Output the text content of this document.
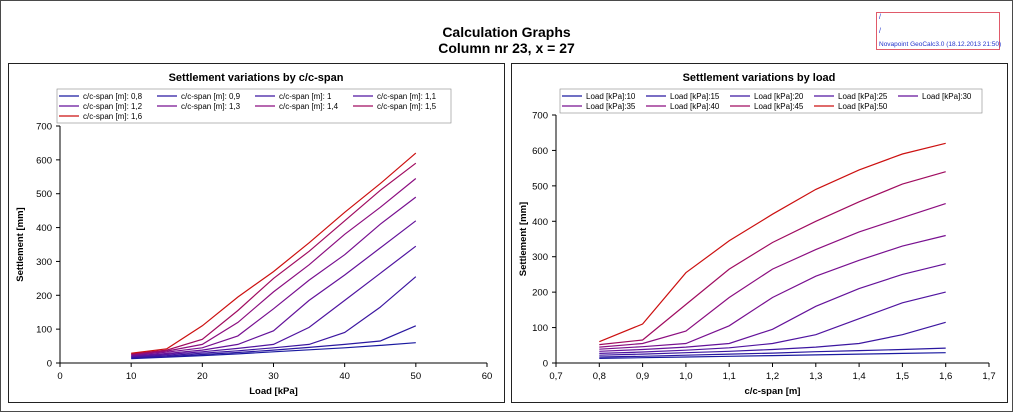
Calculation Graphs
Column nr 23, x = 27
/
/
Novapoint GeoCalc3.0 (18.12.2013 21:50)
Settlement variations by c/c-span
c/c-span [m]: 0,8	c/c-span [m]: 0,9	c/c-span [m]: 1	c/c-span [m]: 1,1
c/c-span [m]: 1,2	c/c-span [m]: 1,3	c/c-span [m]: 1,4	c/c-span [m]: 1,5
c/c-span [m]: 1,6
0
100
200
300
400
500
600
700
0	10	20	30	40	50	60
Load [kPa]
Settlement [mm]
Settlement variations by load
Load [kPa]:10	Load [kPa]:15	Load [kPa]:20	Load [kPa]:25	Load [kPa]:30
Load [kPa]:35	Load [kPa]:40	Load [kPa]:45	Load [kPa]:50
0
100
200
300
400
500
600
700
0,7	0,8	0,9	1,0	1,1	1,2	1,3	1,4	1,5	1,6	1,7
c/c-span [m]
Settlement [mm]
